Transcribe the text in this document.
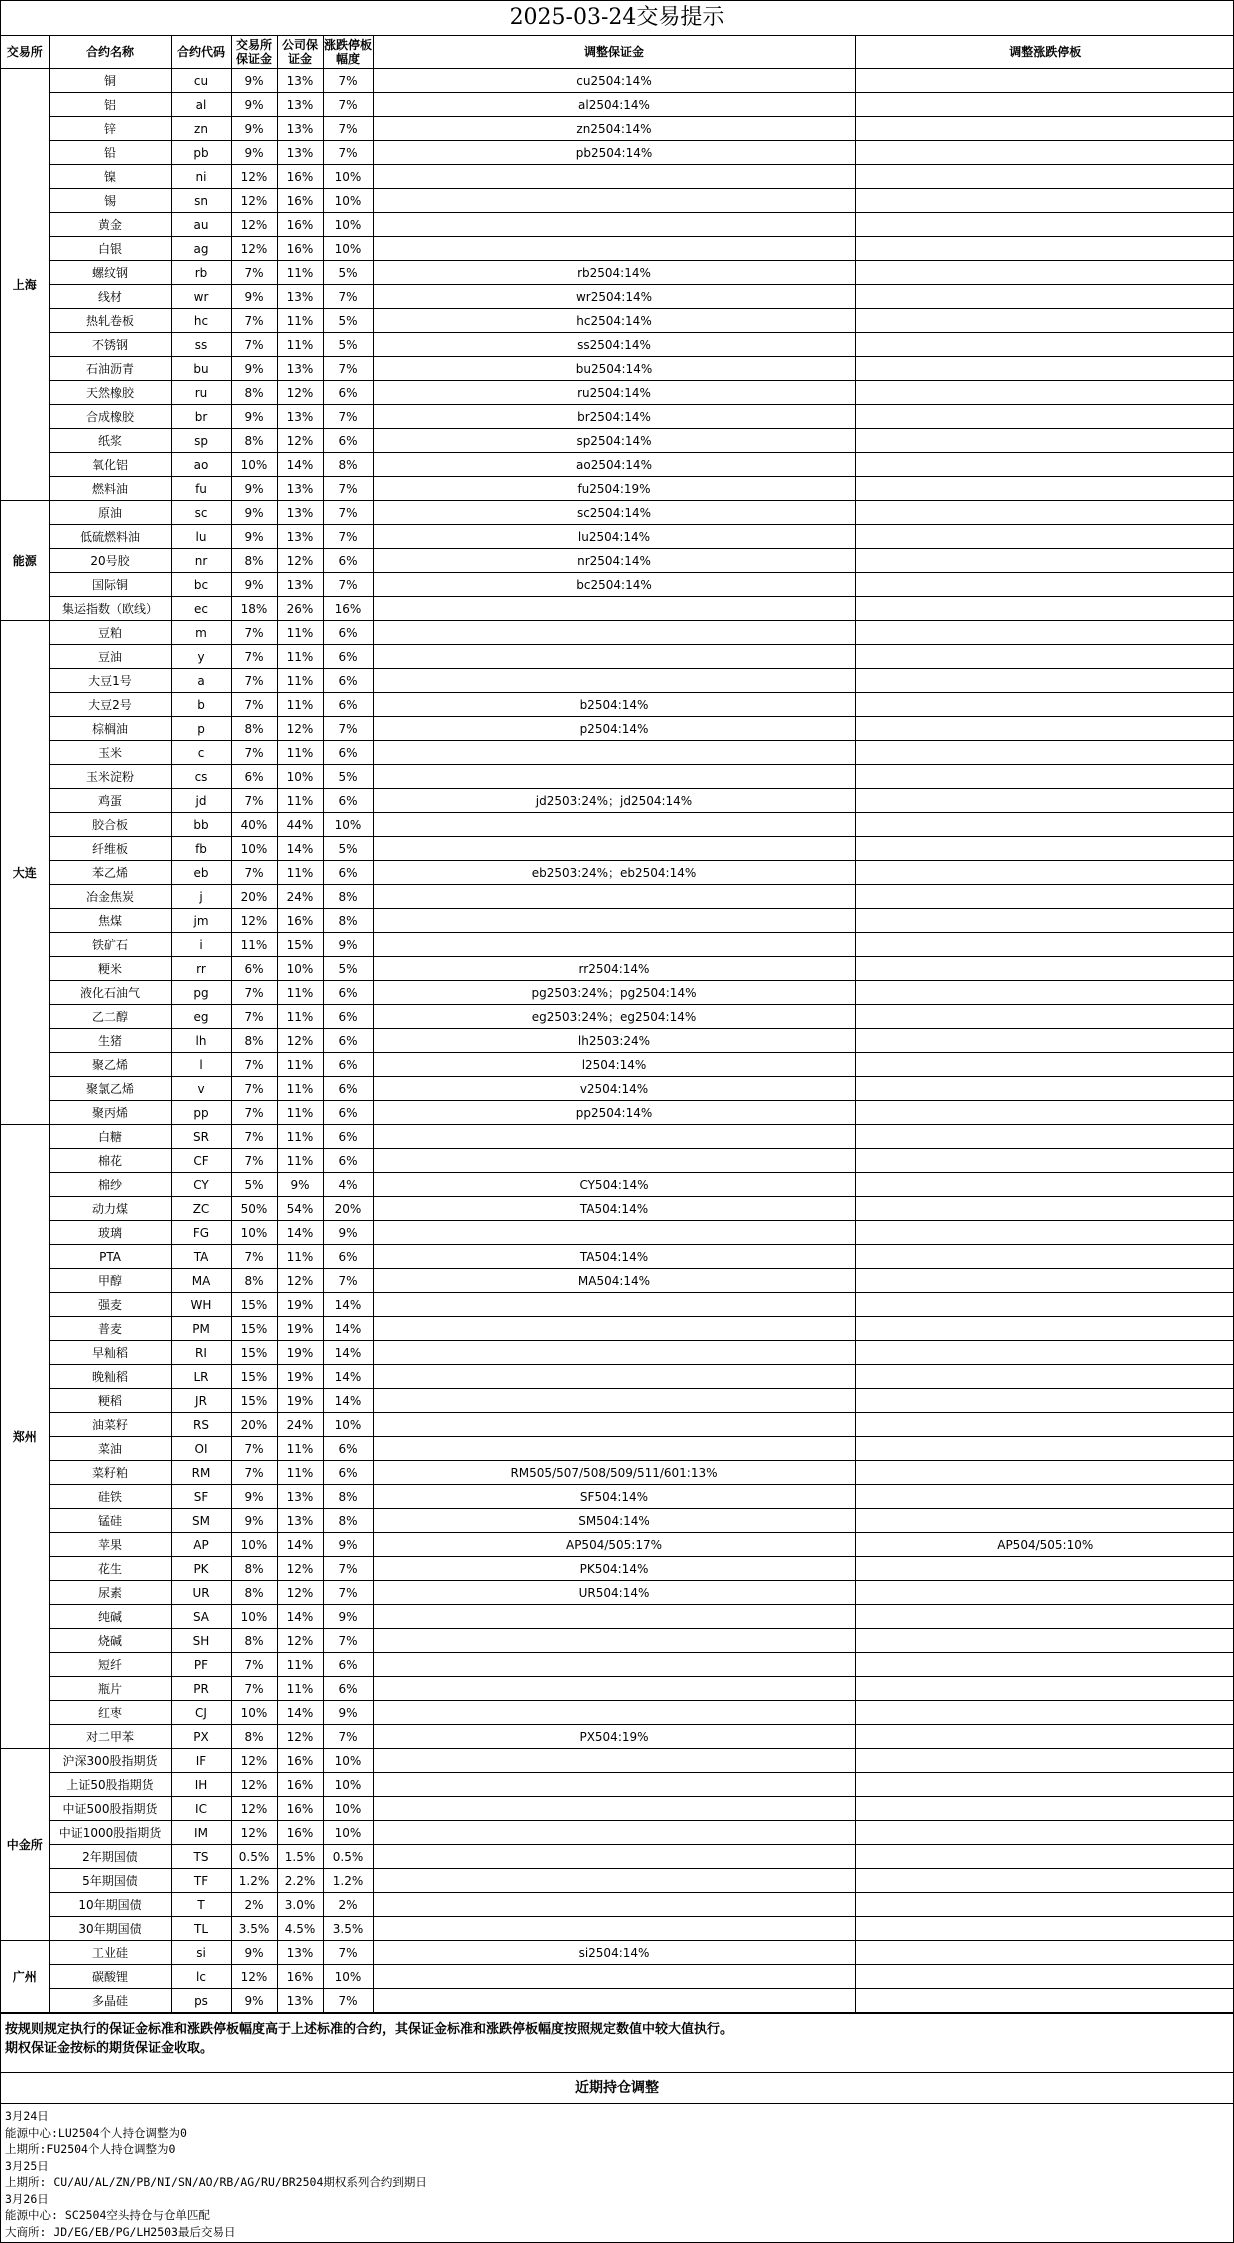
2025-03-24交易提示
交易所	合约名称	合约代码	交易所保证金	公司保证金	涨跌停板幅度	调整保证金	调整涨跌停板
上海	铜	cu	9%	13%	7%	cu2504:14%	
	铝	al	9%	13%	7%	al2504:14%	
	锌	zn	9%	13%	7%	zn2504:14%	
	铅	pb	9%	13%	7%	pb2504:14%	
	镍	ni	12%	16%	10%		
	锡	sn	12%	16%	10%		
	黄金	au	12%	16%	10%		
	白银	ag	12%	16%	10%		
	螺纹钢	rb	7%	11%	5%	rb2504:14%	
	线材	wr	9%	13%	7%	wr2504:14%	
	热轧卷板	hc	7%	11%	5%	hc2504:14%	
	不锈钢	ss	7%	11%	5%	ss2504:14%	
	石油沥青	bu	9%	13%	7%	bu2504:14%	
	天然橡胶	ru	8%	12%	6%	ru2504:14%	
	合成橡胶	br	9%	13%	7%	br2504:14%	
	纸浆	sp	8%	12%	6%	sp2504:14%	
	氧化铝	ao	10%	14%	8%	ao2504:14%	
	燃料油	fu	9%	13%	7%	fu2504:19%	
能源	原油	sc	9%	13%	7%	sc2504:14%	
	低硫燃料油	lu	9%	13%	7%	lu2504:14%	
	20号胶	nr	8%	12%	6%	nr2504:14%	
	国际铜	bc	9%	13%	7%	bc2504:14%	
	集运指数（欧线）	ec	18%	26%	16%		
大连	豆粕	m	7%	11%	6%		
	豆油	y	7%	11%	6%		
	大豆1号	a	7%	11%	6%		
	大豆2号	b	7%	11%	6%	b2504:14%	
	棕榈油	p	8%	12%	7%	p2504:14%	
	玉米	c	7%	11%	6%		
	玉米淀粉	cs	6%	10%	5%		
	鸡蛋	jd	7%	11%	6%	jd2503:24%；jd2504:14%	
	胶合板	bb	40%	44%	10%		
	纤维板	fb	10%	14%	5%		
	苯乙烯	eb	7%	11%	6%	eb2503:24%；eb2504:14%	
	冶金焦炭	j	20%	24%	8%		
	焦煤	jm	12%	16%	8%		
	铁矿石	i	11%	15%	9%		
	粳米	rr	6%	10%	5%	rr2504:14%	
	液化石油气	pg	7%	11%	6%	pg2503:24%；pg2504:14%	
	乙二醇	eg	7%	11%	6%	eg2503:24%；eg2504:14%	
	生猪	lh	8%	12%	6%	lh2503:24%	
	聚乙烯	l	7%	11%	6%	l2504:14%	
	聚氯乙烯	v	7%	11%	6%	v2504:14%	
	聚丙烯	pp	7%	11%	6%	pp2504:14%	
郑州	白糖	SR	7%	11%	6%		
	棉花	CF	7%	11%	6%		
	棉纱	CY	5%	9%	4%	CY504:14%	
	动力煤	ZC	50%	54%	20%	TA504:14%	
	玻璃	FG	10%	14%	9%		
	PTA	TA	7%	11%	6%	TA504:14%	
	甲醇	MA	8%	12%	7%	MA504:14%	
	强麦	WH	15%	19%	14%		
	普麦	PM	15%	19%	14%		
	早籼稻	RI	15%	19%	14%		
	晚籼稻	LR	15%	19%	14%		
	粳稻	JR	15%	19%	14%		
	油菜籽	RS	20%	24%	10%		
	菜油	OI	7%	11%	6%		
	菜籽粕	RM	7%	11%	6%	RM505/507/508/509/511/601:13%	
	硅铁	SF	9%	13%	8%	SF504:14%	
	锰硅	SM	9%	13%	8%	SM504:14%	
	苹果	AP	10%	14%	9%	AP504/505:17%	AP504/505:10%
	花生	PK	8%	12%	7%	PK504:14%	
	尿素	UR	8%	12%	7%	UR504:14%	
	纯碱	SA	10%	14%	9%		
	烧碱	SH	8%	12%	7%		
	短纤	PF	7%	11%	6%		
	瓶片	PR	7%	11%	6%		
	红枣	CJ	10%	14%	9%		
	对二甲苯	PX	8%	12%	7%	PX504:19%	
中金所	沪深300股指期货	IF	12%	16%	10%		
	上证50股指期货	IH	12%	16%	10%		
	中证500股指期货	IC	12%	16%	10%		
	中证1000股指期货	IM	12%	16%	10%		
	2年期国债	TS	0.5%	1.5%	0.5%		
	5年期国债	TF	1.2%	2.2%	1.2%		
	10年期国债	T	2%	3.0%	2%		
	30年期国债	TL	3.5%	4.5%	3.5%		
广州	工业硅	si	9%	13%	7%	si2504:14%	
	碳酸锂	lc	12%	16%	10%		
	多晶硅	ps	9%	13%	7%		
按规则规定执行的保证金标准和涨跌停板幅度高于上述标准的合约，其保证金标准和涨跌停板幅度按照规定数值中较大值执行。
期权保证金按标的期货保证金收取。
近期持仓调整
3月24日
能源中心:LU2504个人持仓调整为0
上期所:FU2504个人持仓调整为0
3月25日
上期所: CU/AU/AL/ZN/PB/NI/SN/AO/RB/AG/RU/BR2504期权系列合约到期日
3月26日
能源中心: SC2504空头持仓与仓单匹配
大商所: JD/EG/EB/PG/LH2503最后交易日
